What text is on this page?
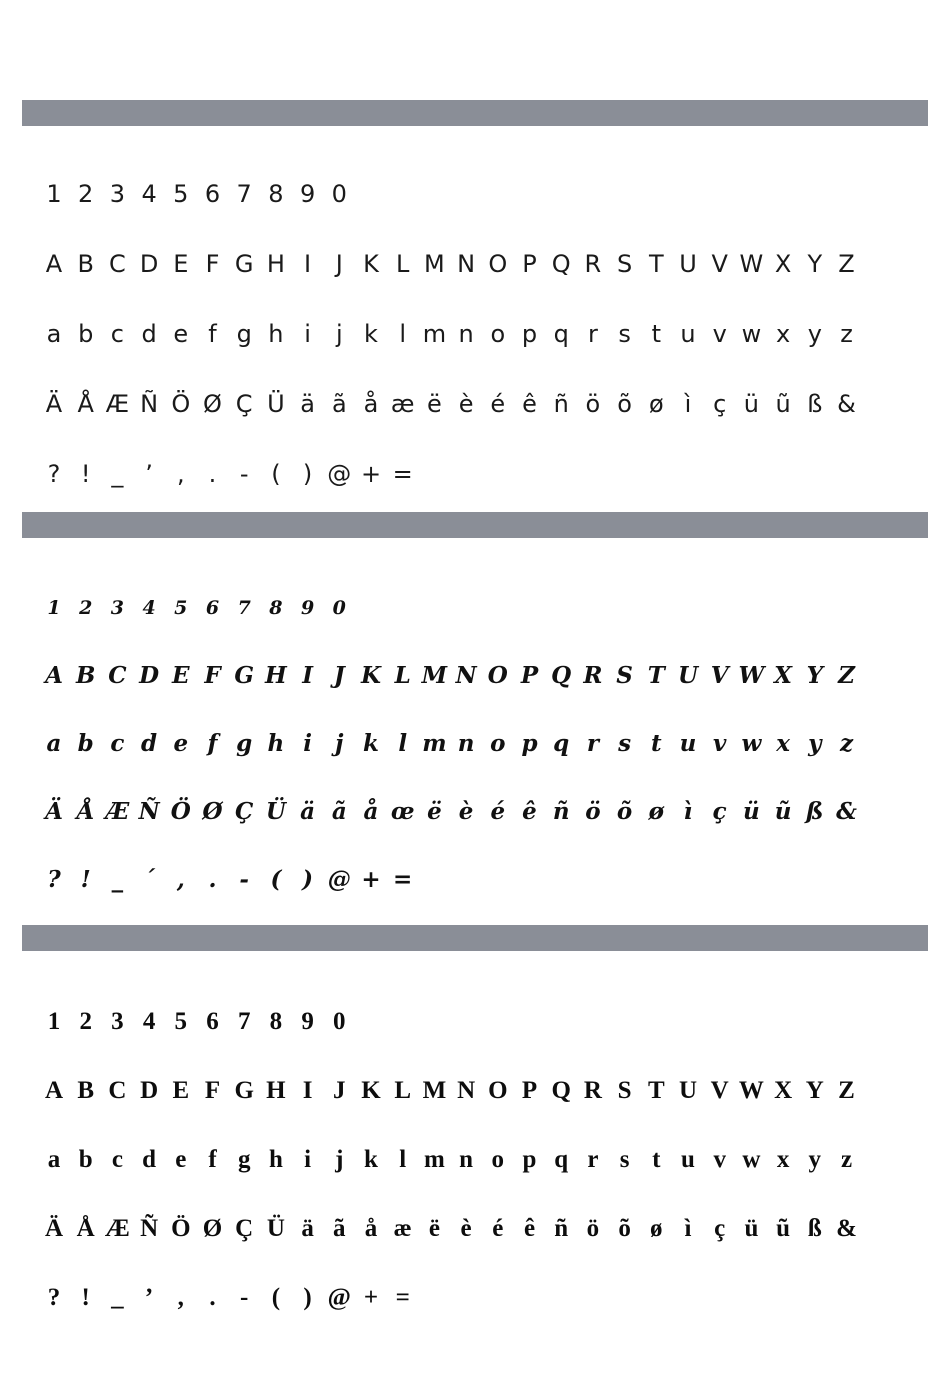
1 2 3 4 5 6 7 8 9 0
A B C D E F G H I	J K L M N O P Q R S T U V W X Y Z
a b c d e f g h i	j k l m n o p q r s t u v w x y z
Ä Å Æ Ñ Ö Ø Ç Ü ä ã å æ ë è é ê ñ ö õ ø ì ç ü ũ ß &
? ! _ ’	,	. - ( ) @ + =
1 2 3 4 5 6 7 8 9 0
A B C D E F G H I J K L M N O P Q R S T U V W X Y Z
a b c d e f g h i	j k l m n o p q r s t u v w x y z
Ä Å Æ Ñ Ö Ø Ç Ü ä ã å œ ë è é ê ñ ö õ ø ì ç ü ũ ß &
? ! _ ´ ,	. - ( ) @ + =
1 2 3 4 5 6 7 8 9 0
A B C D E F G H I J K L M N O P Q R S T U V W X Y Z
a b c d e f g h i j k l m n o p q r s t u v w x y z
Ä Å Æ Ñ Ö Ø Ç Ü ä ã å æ ë è é ê ñ ö õ ø ì ç ü ũ ß &
? ! _ ’ ,	. - ( ) @ + =
